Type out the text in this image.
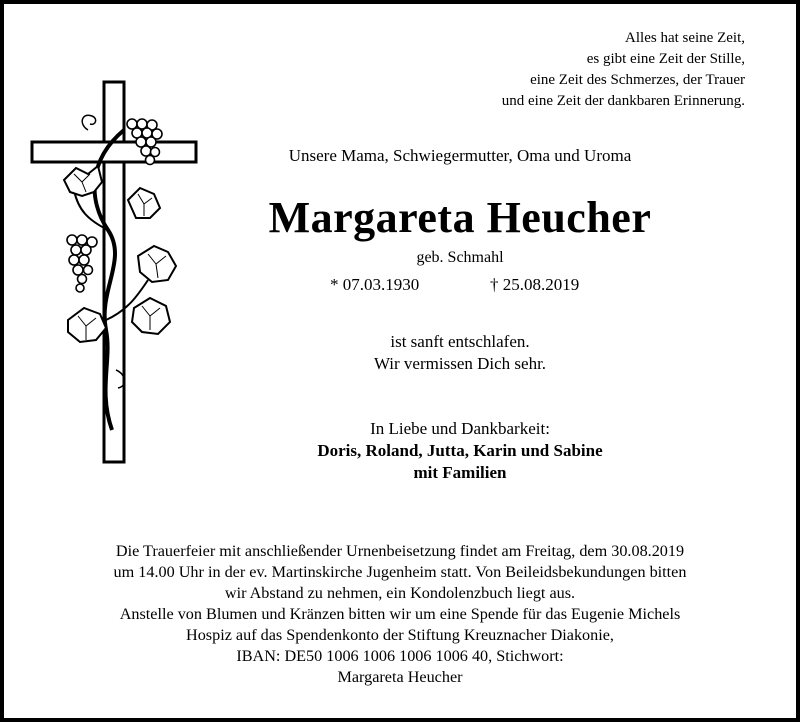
Alles hat seine Zeit,
es gibt eine Zeit der Stille,
eine Zeit des Schmerzes, der Trauer
und eine Zeit der dankbaren Erinnerung.
Unsere Mama, Schwiegermutter, Oma und Uroma
Margareta Heucher
geb. Schmahl
* 07.03.1930	† 25.08.2019
ist sanft entschlafen.
Wir vermissen Dich sehr.
In Liebe und Dankbarkeit:
Doris, Roland, Jutta, Karin und Sabine
mit Familien
Die Trauerfeier mit anschließender Urnenbeisetzung findet am Freitag, dem 30.08.2019
um 14.00 Uhr in der ev. Martinskirche Jugenheim statt. Von Beileidsbekundungen bitten
wir Abstand zu nehmen, ein Kondolenzbuch liegt aus.
Anstelle von Blumen und Kränzen bitten wir um eine Spende für das Eugenie Michels
Hospiz auf das Spendenkonto der Stiftung Kreuznacher Diakonie,
IBAN: DE50 1006 1006 1006 1006 40, Stichwort:
Margareta Heucher
